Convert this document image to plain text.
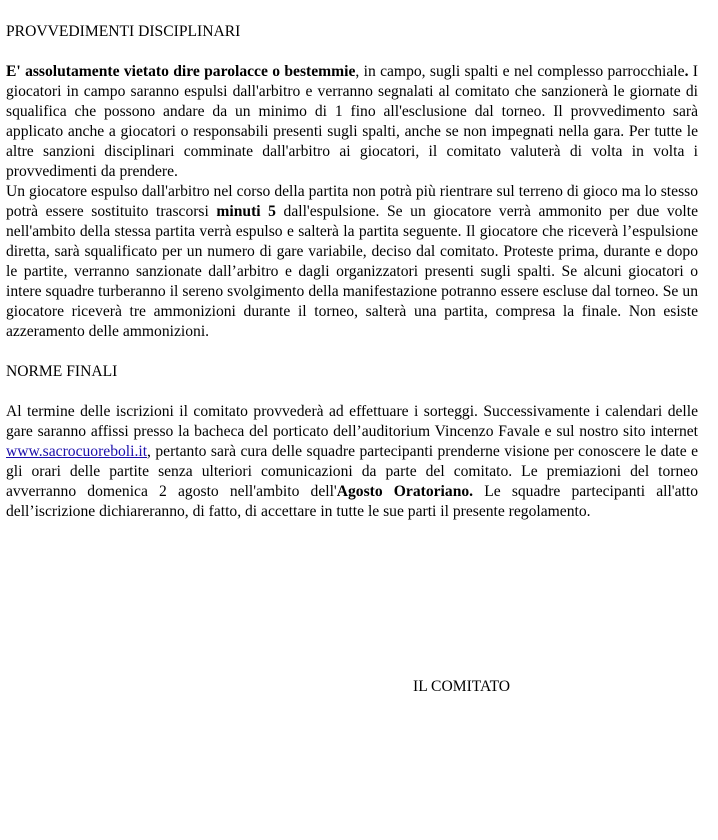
PROVVEDIMENTI DISCIPLINARI

E' assolutamente vietato dire parolacce o bestemmie, in campo, sugli spalti e nel complesso parrocchiale. I giocatori in campo saranno espulsi dall'arbitro e verranno segnalati al comitato che sanzionerà le giornate di squalifica che possono andare da un minimo di 1 fino all'esclusione dal torneo. Il provvedimento sarà applicato anche a giocatori o responsabili presenti sugli spalti, anche se non impegnati nella gara. Per tutte le altre sanzioni disciplinari comminate dall'arbitro ai giocatori, il comitato valuterà di volta in volta i provvedimenti da prendere.

Un giocatore espulso dall'arbitro nel corso della partita non potrà più rientrare sul terreno di gioco ma lo stesso potrà essere sostituito trascorsi minuti 5 dall'espulsione. Se un giocatore verrà ammonito per due volte nell'ambito della stessa partita verrà espulso e salterà la partita seguente. Il giocatore che riceverà l’espulsione diretta, sarà squalificato per un numero di gare variabile, deciso dal comitato. Proteste prima, durante e dopo le partite, verranno sanzionate dall’arbitro e dagli organizzatori presenti sugli spalti. Se alcuni giocatori o intere squadre turberanno il sereno svolgimento della manifestazione potranno essere escluse dal torneo. Se un giocatore riceverà tre ammonizioni durante il torneo, salterà una partita, compresa la finale. Non esiste azzeramento delle ammonizioni.

NORME FINALI

Al termine delle iscrizioni il comitato provvederà ad effettuare i sorteggi. Successivamente i calendari delle gare saranno affissi presso la bacheca del porticato dell’auditorium Vincenzo Favale e sul nostro sito internet www.sacrocuoreboli.it, pertanto sarà cura delle squadre partecipanti prenderne visione per conoscere le date e gli orari delle partite senza ulteriori comunicazioni da parte del comitato. Le premiazioni del torneo avverranno domenica 2 agosto nell'ambito dell'Agosto Oratoriano. Le squadre partecipanti all'atto dell’iscrizione dichiareranno, di fatto, di accettare in tutte le sue parti il presente regolamento.

IL COMITATO
